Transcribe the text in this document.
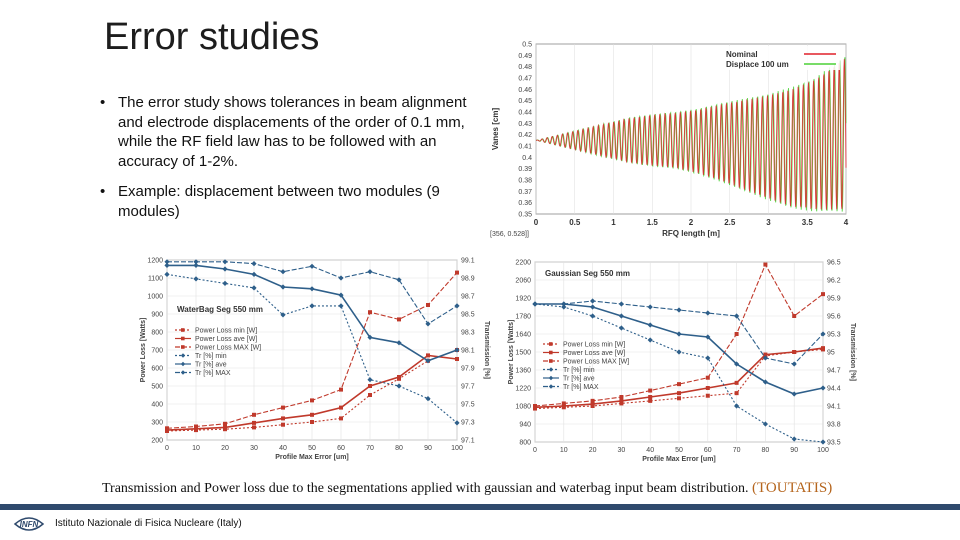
Error studies
• The error study shows tolerances in beam alignment and electrode displacements of the order of 0.1 mm, while the RF field law has to be followed with an accuracy of 1-2%.
• Example: displacement between two modules (9 modules)
0	0.5	1	1.5	2	2.5	3	3.5	4
0.35
0.36
0.37
0.38
0.39
0.4
0.41
0.42
0.43
0.44
0.45
0.46
0.47
0.48
0.49
0.5
RFQ length [m]
Vanes [cm]
[356, 0.528]]
Nominal
Displace 100 um
200
300
400
500
600
700
800
900
1000
1100
1200
97.1
97.3
97.5
97.7
97.9
98.1
98.3
98.5
98.7
98.9
99.1
0	10	20	30	40	50	60	70	80	90	100
Profile Max Error [um]
Power Loss [Watts]	Transmission [%]
WaterBag Seg 550 mm
Power Loss min [W]
Power Loss ave [W]
Power Loss MAX [W]
Tr [%] min
Tr [%] ave
Tr [%] MAX
800
940
1080
1220
1360
1500
1640
1780
1920
2060
2200
93.5
93.8
94.1
94.4
94.7
95
95.3
95.6
95.9
96.2
96.5
0	10	20	30	40	50	60	70	80	90	100
Profile Max Error [um]
Power Loss [Watts]	Transmission [%]
Gaussian Seg 550 mm
Power Loss min [W]
Power Loss ave [W]
Power Loss MAX [W]
Tr [%] min
Tr [%] ave
Tr [%] MAX
Transmission and Power loss due to the segmentations applied with gaussian and waterbag input beam distribution. (TOUTATIS)
INFN Istituto Nazionale di Fisica Nucleare (Italy)
